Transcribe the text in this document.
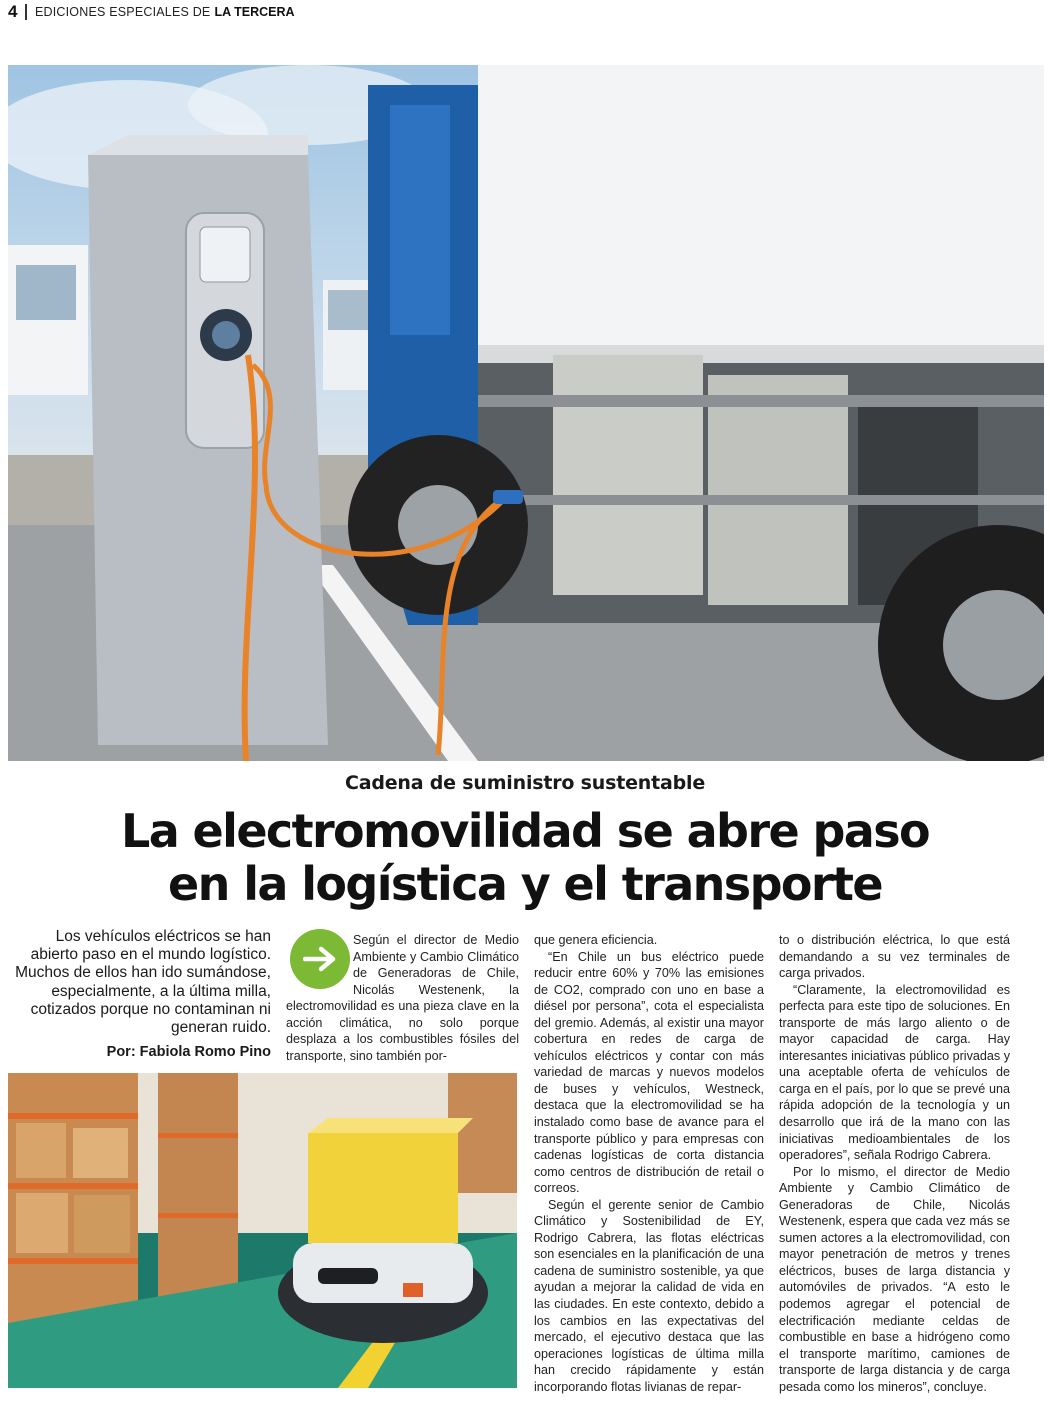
4 EDICIONES ESPECIALES DE LA TERCERA
Cadena de suministro sustentable
La electromovilidad se abre paso
en la logística y el transporte
Los vehículos eléctricos se han abierto paso en el mundo logístico. Muchos de ellos han ido sumándose, especialmente, a la última milla, cotizados porque no contaminan ni generan ruido.
Por: Fabiola Romo Pino

Según el director de Medio Ambiente y Cambio Climático de Generadoras de Chile, Nicolás Westenenk, la electromovilidad es una pieza clave en la acción climática, no solo porque desplaza a los combustibles fósiles del transporte, sino también por-

que genera eficiencia.

“En Chile un bus eléctrico puede reducir entre 60% y 70% las emisiones de CO2, comprado con uno en base a diésel por persona”, cota el especialista del gremio. Además, al existir una mayor cobertura en redes de carga de vehículos eléctricos y contar con más variedad de marcas y nuevos modelos de buses y vehículos, Westneck, destaca que la electromovilidad se ha instalado como base de avance para el transporte público y para empresas con cadenas logísticas de corta distancia como centros de distribución de retail o correos.

Según el gerente senior de Cambio Climático y Sostenibilidad de EY, Rodrigo Cabrera, las flotas eléctricas son esenciales en la planificación de una cadena de suministro sostenible, ya que ayudan a mejorar la calidad de vida en las ciudades. En este contexto, debido a los cambios en las expectativas del mercado, el ejecutivo destaca que las operaciones logísticas de última milla han crecido rápidamente y están incorporando flotas livianas de repar-

to o distribución eléctrica, lo que está demandando a su vez terminales de carga privados.

“Claramente, la electromovilidad es perfecta para este tipo de soluciones. En transporte de más largo aliento o de mayor capacidad de carga. Hay interesantes iniciativas público privadas y una aceptable oferta de vehículos de carga en el país, por lo que se prevé una rápida adopción de la tecnología y un desarrollo que irá de la mano con las iniciativas medioambientales de los operadores”, señala Rodrigo Cabrera.

Por lo mismo, el director de Medio Ambiente y Cambio Climático de Generadoras de Chile, Nicolás Westenenk, espera que cada vez más se sumen actores a la electromovilidad, con mayor penetración de metros y trenes eléctricos, buses de larga distancia y automóviles de privados. “A esto le podemos agregar el potencial de electrificación mediante celdas de combustible en base a hidrógeno como el transporte marítimo, camiones de transporte de larga distancia y de carga pesada como los mineros”, concluye.
